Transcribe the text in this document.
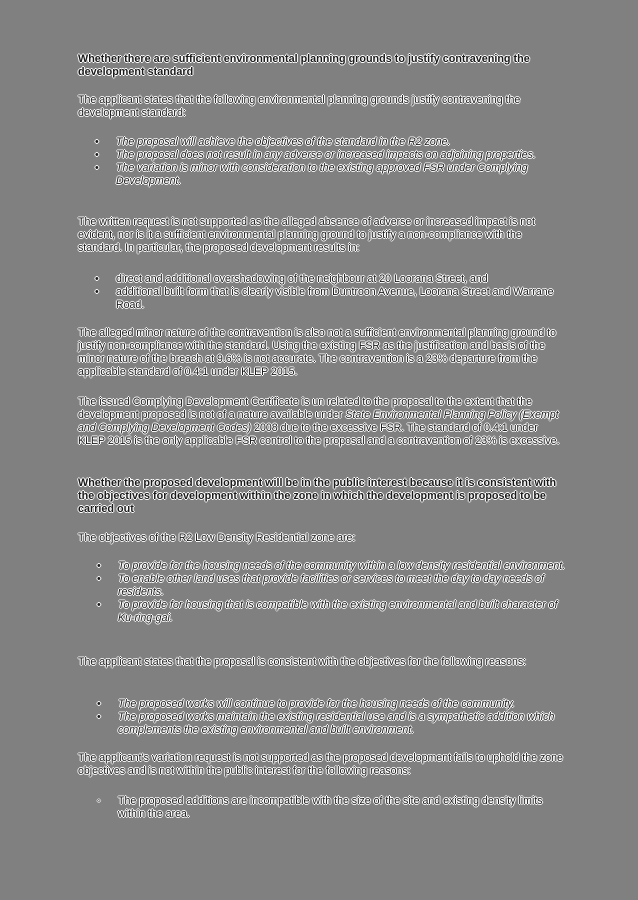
Whether there are sufficient environmental planning grounds to justify contravening the development standard

The applicant states that the following environmental planning grounds justify contravening the development standard:

• The proposal will achieve the objectives of the standard in the R2 zone.
• The proposal does not result in any adverse or increased impacts on adjoining properties.
• The variation is minor with consideration to the existing approved FSR under Complying Development.

The written request is not supported as the alleged absence of adverse or increased impact is not evident, nor is it a sufficient environmental planning ground to justify a non-compliance with the standard. In particular, the proposed development results in:

• direct and additional overshadowing of the neighbour at 20 Loorana Street, and
• additional built form that is clearly visible from Duntroon Avenue, Loorana Street and Warrane Road.

The alleged minor nature of the contravention is also not a sufficient environmental planning ground to justify non-compliance with the standard. Using the existing FSR as the justification and basis of the minor nature of the breach at 9.6% is not accurate. The contravention is a 23% departure from the applicable standard of 0.4:1 under KLEP 2015.

The issued Complying Development Certificate is un related to the proposal to the extent that the development proposed is not of a nature available under State Environmental Planning Policy (Exempt and Complying Development Codes) 2008 due to the excessive FSR. The standard of 0.4:1 under KLEP 2015 is the only applicable FSR control to the proposal and a contravention of 23% is excessive.

Whether the proposed development will be in the public interest because it is consistent with the objectives for development within the zone in which the development is proposed to be carried out

The objectives of the R2 Low Density Residential zone are:

• To provide for the housing needs of the community within a low density residential environment.
• To enable other land uses that provide facilities or services to meet the day to day needs of residents.
• To provide for housing that is compatible with the existing environmental and built character of Ku-ring-gai.

The applicant states that the proposal is consistent with the objectives for the following reasons:

• The proposed works will continue to provide for the housing needs of the community.
• The proposed works maintain the existing residential use and is a sympathetic addition which complements the existing environmental and built environment.

The applicant's variation request is not supported as the proposed development fails to uphold the zone objectives and is not within the public interest for the following reasons:

◦ The proposed additions are incompatible with the size of the site and existing density limits within the area.
